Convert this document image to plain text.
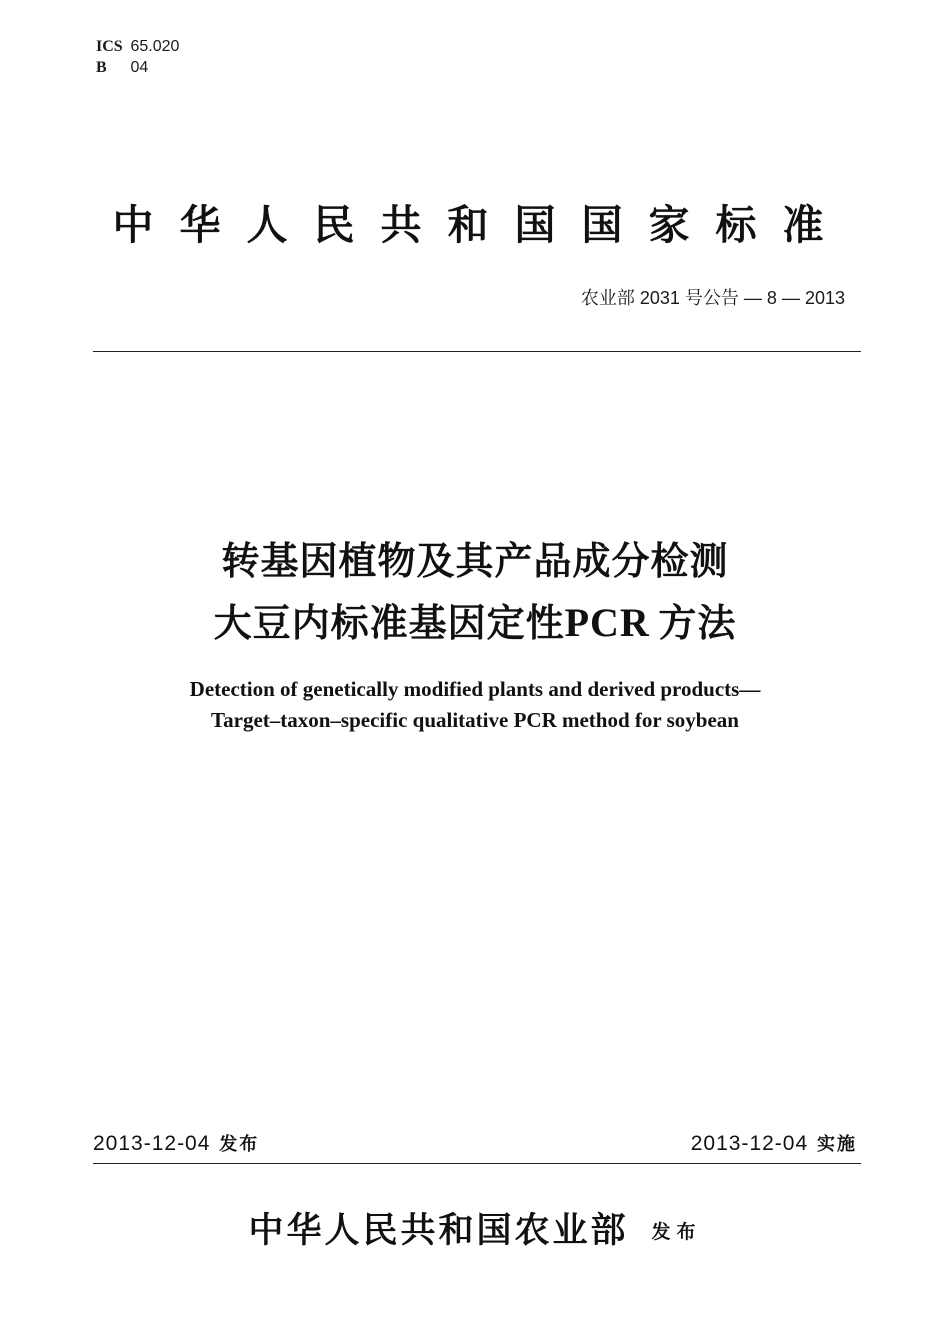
ICS 65.020
B 04
中华人民共和国国家标准
农业部 2031 号公告 — 8 — 2013
转基因植物及其产品成分检测
大豆内标准基因定性PCR  方法
Detection of genetically modified plants and derived products—
Target–taxon–specific qualitative PCR method for soybean
2013-12-04 发布	2013-12-04 实施
中华人民共和国农业部 发布
